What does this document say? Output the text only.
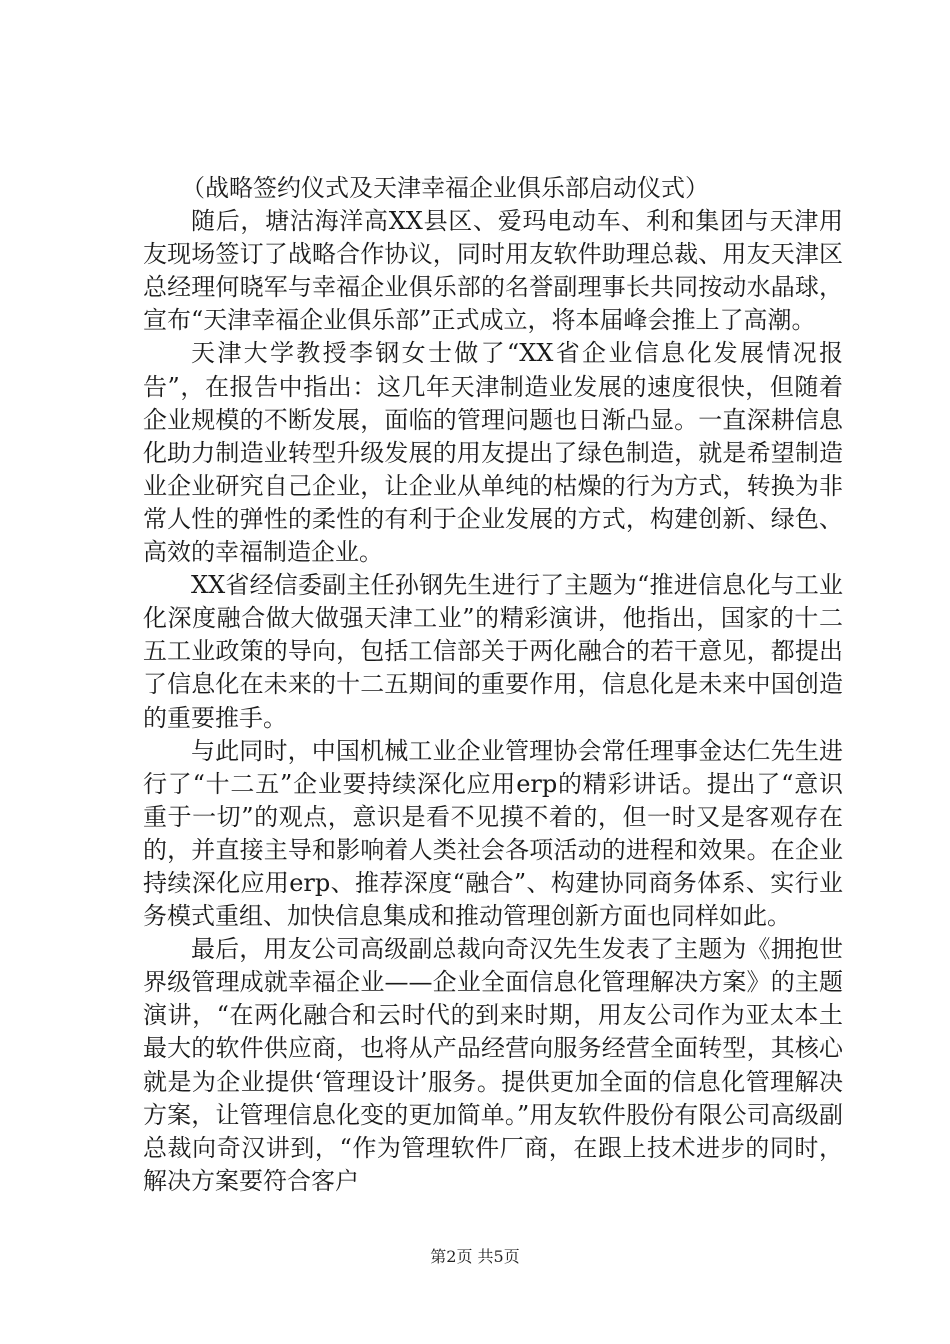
（战略签约仪式及天津幸福企业俱乐部启动仪式）

随后，塘沽海洋高XX县区、爱玛电动车、利和集团与天津用友现场签订了战略合作协议，同时用友软件助理总裁、用友天津区总经理何晓军与幸福企业俱乐部的名誉副理事长共同按动水晶球，宣布“天津幸福企业俱乐部”正式成立，将本届峰会推上了高潮。

天津大学教授李钢女士做了“XX省企业信息化发展情况报告”，在报告中指出：这几年天津制造业发展的速度很快，但随着企业规模的不断发展，面临的管理问题也日渐凸显。一直深耕信息化助力制造业转型升级发展的用友提出了绿色制造，就是希望制造业企业研究自己企业，让企业从单纯的枯燥的行为方式，转换为非常人性的弹性的柔性的有利于企业发展的方式，构建创新、绿色、高效的幸福制造企业。

XX省经信委副主任孙钢先生进行了主题为“推进信息化与工业化深度融合做大做强天津工业”的精彩演讲，他指出，国家的十二五工业政策的导向，包括工信部关于两化融合的若干意见，都提出了信息化在未来的十二五期间的重要作用，信息化是未来中国创造的重要推手。

与此同时，中国机械工业企业管理协会常任理事金达仁先生进行了“十二五”企业要持续深化应用erp的精彩讲话。提出了“意识重于一切”的观点，意识是看不见摸不着的，但一时又是客观存在的，并直接主导和影响着人类社会各项活动的进程和效果。在企业持续深化应用erp、推荐深度“融合”、构建协同商务体系、实行业务模式重组、加快信息集成和推动管理创新方面也同样如此。

最后，用友公司高级副总裁向奇汉先生发表了主题为《拥抱世界级管理成就幸福企业——企业全面信息化管理解决方案》的主题演讲，“在两化融合和云时代的到来时期，用友公司作为亚太本土最大的软件供应商，也将从产品经营向服务经营全面转型，其核心就是为企业提供‘管理设计’服务。提供更加全面的信息化管理解决方案，让管理信息化变的更加简单。”用友软件股份有限公司高级副总裁向奇汉讲到，“作为管理软件厂商，在跟上技术进步的同时，解决方案要符合客户

第2页 共5页
